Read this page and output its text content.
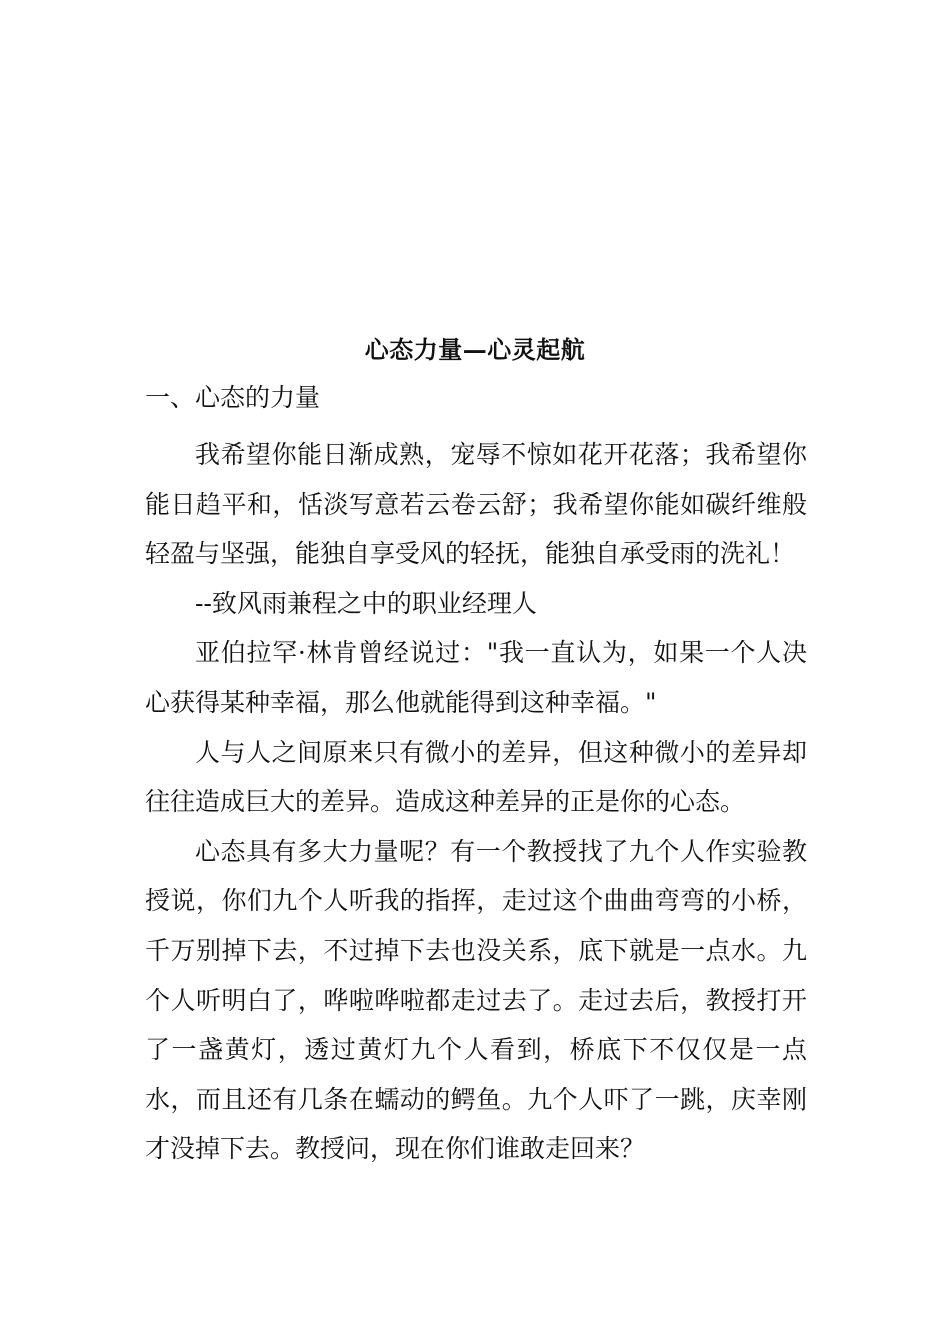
心态力量—心灵起航
一、心态的力量

我希望你能日渐成熟，宠辱不惊如花开花落；我希望你能日趋平和，恬淡写意若云卷云舒；我希望你能如碳纤维般轻盈与坚强，能独自享受风的轻抚，能独自承受雨的洗礼！

--致风雨兼程之中的职业经理人

亚伯拉罕·林肯曾经说过："我一直认为，如果一个人决心获得某种幸福，那么他就能得到这种幸福。"

人与人之间原来只有微小的差异，但这种微小的差异却往往造成巨大的差异。造成这种差异的正是你的心态。

心态具有多大力量呢？有一个教授找了九个人作实验教授说，你们九个人听我的指挥，走过这个曲曲弯弯的小桥，千万别掉下去，不过掉下去也没关系，底下就是一点水。九个人听明白了，哗啦哗啦都走过去了。走过去后，教授打开了一盏黄灯，透过黄灯九个人看到，桥底下不仅仅是一点水，而且还有几条在蠕动的鳄鱼。九个人吓了一跳，庆幸刚才没掉下去。教授问，现在你们谁敢走回来？
